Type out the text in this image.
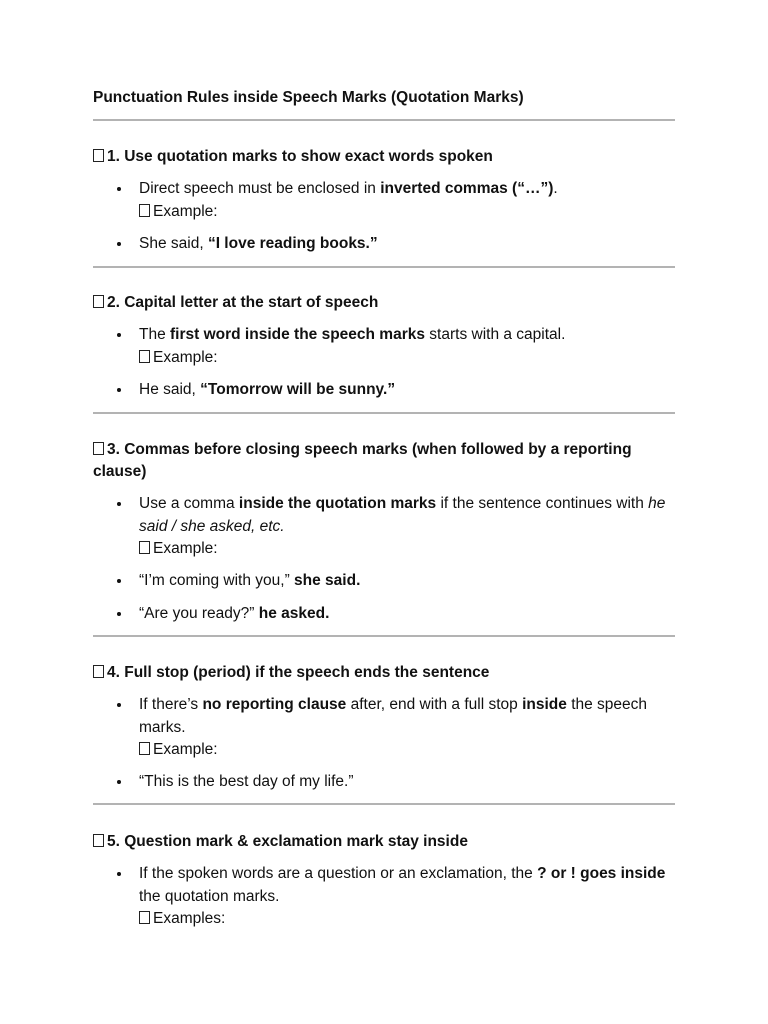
Punctuation Rules inside Speech Marks (Quotation Marks)
1. Use quotation marks to show exact words spoken
Direct speech must be enclosed in inverted commas (“…”).
Example:
She said, “I love reading books.”
2. Capital letter at the start of speech
The first word inside the speech marks starts with a capital.
Example:
He said, “Tomorrow will be sunny.”
3. Commas before closing speech marks (when followed by a reporting clause)
Use a comma inside the quotation marks if the sentence continues with he said / she asked, etc.
Example:
“I’m coming with you,” she said.
“Are you ready?” he asked.
4. Full stop (period) if the speech ends the sentence
If there’s no reporting clause after, end with a full stop inside the speech marks.
Example:
“This is the best day of my life.”
5. Question mark & exclamation mark stay inside
If the spoken words are a question or an exclamation, the ? or ! goes inside the quotation marks.
Examples:
